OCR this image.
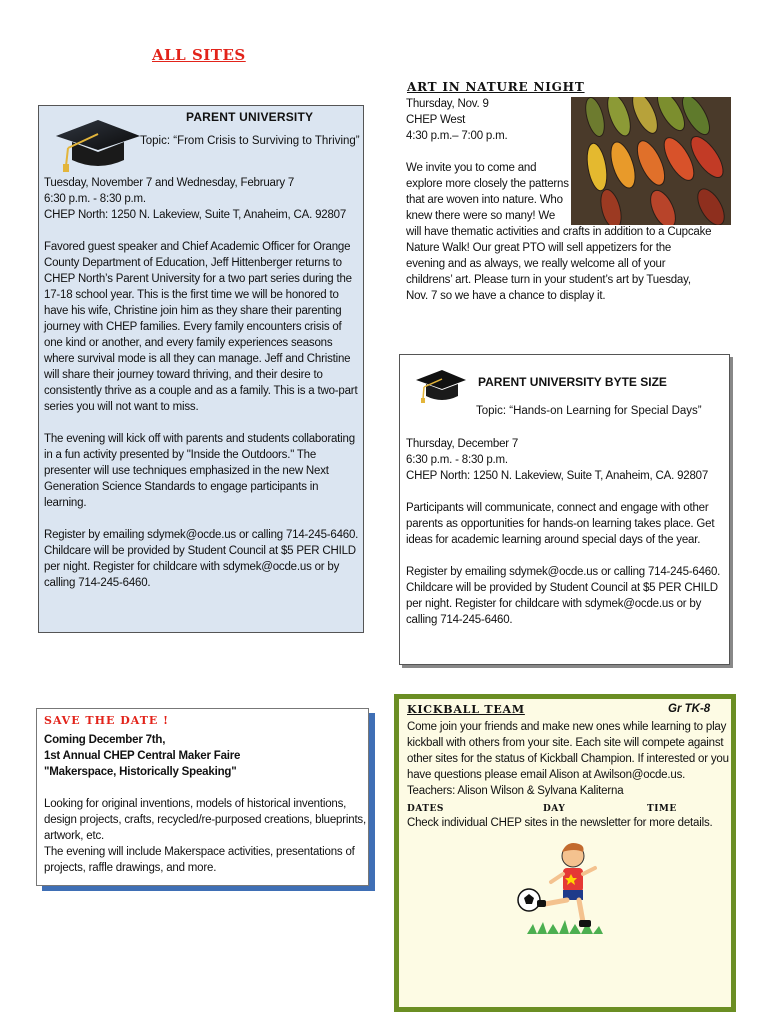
ALL SITES
PARENT UNIVERSITY
Topic: “From Crisis to Surviving to Thriving”

Tuesday, November 7 and Wednesday, February 7

6:30 p.m. - 8:30 p.m.

CHEP North: 1250 N. Lakeview, Suite T, Anaheim, CA. 92807

Favored guest speaker and Chief Academic Officer for Orange County Department of Education, Jeff Hittenberger returns to CHEP North’s Parent University for a two part series during the 17-18 school year. This is the first time we will be honored to have his wife, Christine join him as they share their parenting journey with CHEP families. Every family encounters crisis of one kind or another, and every family experiences seasons where survival mode is all they can manage. Jeff and Christine will share their journey toward thriving, and their desire to consistently thrive as a couple and as a family. This is a two-part series you will not want to miss.

The evening will kick off with parents and students collaborating in a fun activity presented by "Inside the Outdoors." The presenter will use techniques emphasized in the new Next Generation Science Standards to engage participants in learning.

Register by emailing sdymek@ocde.us or calling 714-245-6460. Childcare will be provided by Student Council at $5 PER CHILD per night. Register for childcare with sdymek@ocde.us or by calling 714-245-6460.

ART IN NATURE NIGHT

Thursday, Nov. 9

CHEP West

4:30 p.m.– 7:00 p.m.

We invite you to come and

explore more closely the patterns

that are woven into nature. Who

knew there were so many! We

will have thematic activities and crafts in addition to a Cupcake

Nature Walk! Our great PTO will sell appetizers for the

evening and as always, we really welcome all of your

childrens’ art. Please turn in your student’s art by Tuesday,

Nov. 7 so we have a chance to display it.

PARENT UNIVERSITY BYTE SIZE
Topic: “Hands-on Learning for Special Days”

Thursday, December 7

6:30 p.m. - 8:30 p.m.

CHEP North: 1250 N. Lakeview, Suite T, Anaheim, CA. 92807

Participants will communicate, connect and engage with other parents as opportunities for hands-on learning takes place. Get ideas for academic learning around special days of the year.

Register by emailing sdymek@ocde.us or calling 714-245-6460. Childcare will be provided by Student Council at $5 PER CHILD per night. Register for childcare with sdymek@ocde.us or by calling 714-245-6460.

SAVE THE DATE !

Coming December 7th,

1st Annual CHEP Central Maker Faire

"Makerspace, Historically Speaking"

Looking for original inventions, models of historical inventions, design projects, crafts, recycled/re-purposed creations, blueprints, artwork, etc.

The evening will include Makerspace activities, presentations of projects, raffle drawings, and more.

KICKBALL TEAM	Gr TK-8

Come join your friends and make new ones while learning to play kickball with others from your site. Each site will compete against other sites for the status of Kickball Champion. If interested or you have questions please email Alison at Awilson@ocde.us. Teachers: Alison Wilson & Sylvana Kaliterna

DATES	DAY	TIME

Check individual CHEP sites in the newsletter for more details.
